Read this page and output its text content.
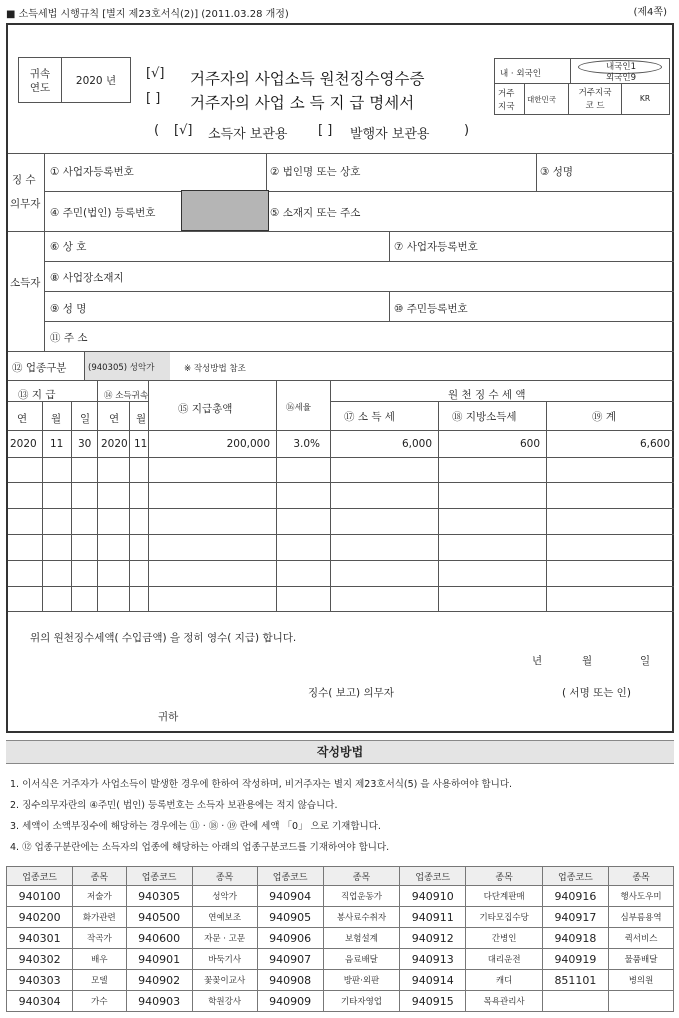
■ 소득세법 시행규칙 [별지 제23호서식(2)] (2011.03.28 개정)	(제4쪽)
귀속
연도
2020 년	[√] 거주자의 사업소득 원천징수영수증
[ ] 거주자의 사업 소 득 지 급 명세서
( [√] 소득자 보관용 [ ] 발행자 보관용	)
내 · 외국인
내국인1
외국인9
거주
지국
대한민국
거주지국
코 드
KR
징 수
의무자
① 사업자등록번호	② 법인명 또는 상호	③ 성명
④ 주민(법인) 등록번호	⑤ 소재지 또는 주소
소득자
⑥ 상 호	⑦ 사업자등록번호
⑧ 사업장소재지
⑨ 성 명	⑩ 주민등록번호
⑪ 주 소
⑫ 업종구분	(940305) 성악가	※ 작성방법 참조
⑬ 지 급	⑭ 소득귀속
⑮ 지급총액	⑯세율
원 천 징 수 세 액
⑰ 소 득 세	⑱ 지방소득세	⑲ 계
연 월 일 연 월
2020 11 30 2020 11	200,000	3.0%	6,000	600	6,600
위의 원천징수세액( 수입금액) 을 정히 영수( 지급) 합니다.
년	월	일
징수( 보고) 의무자	( 서명 또는 인)
귀하
작성방법
1. 이서식은 거주자가 사업소득이 발생한 경우에 한하여 작성하며, 비거주자는 별지 제23호서식(5) 을 사용하여야 합니다.
2. 징수의무자란의 ④주민( 법인) 등록번호는 소득자 보관용에는 적지 않습니다.
3. 세액이 소액부징수에 해당하는 경우에는 ⑪ · ⑱ · ⑲ 란에 세액 「0」 으로 기재합니다.
4. ⑫ 업종구분란에는 소득자의 업종에 해당하는 아래의 업종구분코드를 기재하여야 합니다.
업종코드	종목	업종코드	종목	업종코드	종목	업종코드	종목	업종코드	종목
940100	저술가	940305	성악가	940904	직업운동가	940910	다단계판매	940916	행사도우미
940200	화가관련	940500	연예보조	940905	봉사료수취자	940911	기타모집수당	940917	심부름용역
940301	작곡가	940600	자문 · 고문	940906	보험설계	940912	간병인	940918	퀵서비스
940302	배우	940901	바둑기사	940907	음료배달	940913	대리운전	940919	물품배달
940303	모델	940902	꽃꽂이교사	940908	방판·외판	940914	캐디	851101	병의원
940304	가수	940903	학원강사	940909	기타자영업	940915	목욕관리사		
